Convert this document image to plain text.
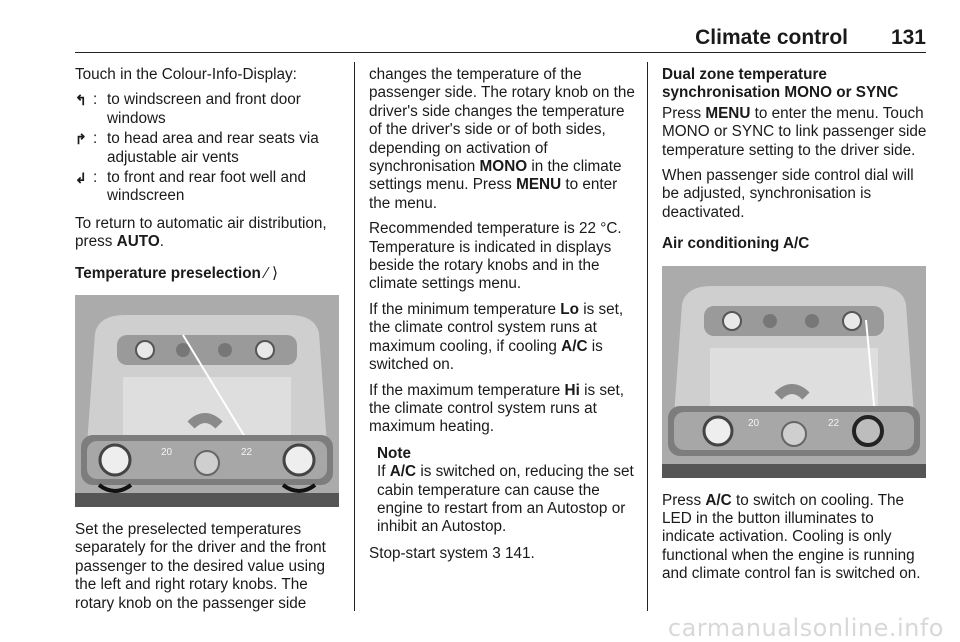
Climate control	131

Touch in the Colour-Info-Display:

↰ : to windscreen and front door windows
↱ : to head area and rear seats via adjustable air vents
↲ : to front and rear foot well and windscreen

To return to automatic air distribution, press AUTO.

Temperature preselection ⁄ ⟩

20	22

Set the preselected temperatures separately for the driver and the front passenger to the desired value using the left and right rotary knobs. The rotary knob on the passenger side

changes the temperature of the passenger side. The rotary knob on the driver's side changes the temperature of the driver's side or of both sides, depending on activation of synchronisation MONO in the climate settings menu. Press MENU to enter the menu.

Recommended temperature is 22 °C. Temperature is indicated in displays beside the rotary knobs and in the climate settings menu.

If the minimum temperature Lo is set, the climate control system runs at maximum cooling, if cooling A/C is switched on.

If the maximum temperature Hi is set, the climate control system runs at maximum heating.

Note
If A/C is switched on, reducing the set cabin temperature can cause the engine to restart from an Autostop or inhibit an Autostop.

Stop-start system 3 141.

Dual zone temperature synchronisation MONO or SYNC

Press MENU to enter the menu. Touch MONO or SYNC to link passenger side temperature setting to the driver side.

When passenger side control dial will be adjusted, synchronisation is deactivated.

Air conditioning A/C

20	22

Press A/C to switch on cooling. The LED in the button illuminates to indicate activation. Cooling is only functional when the engine is running and climate control fan is switched on.

carmanualsonline.info
